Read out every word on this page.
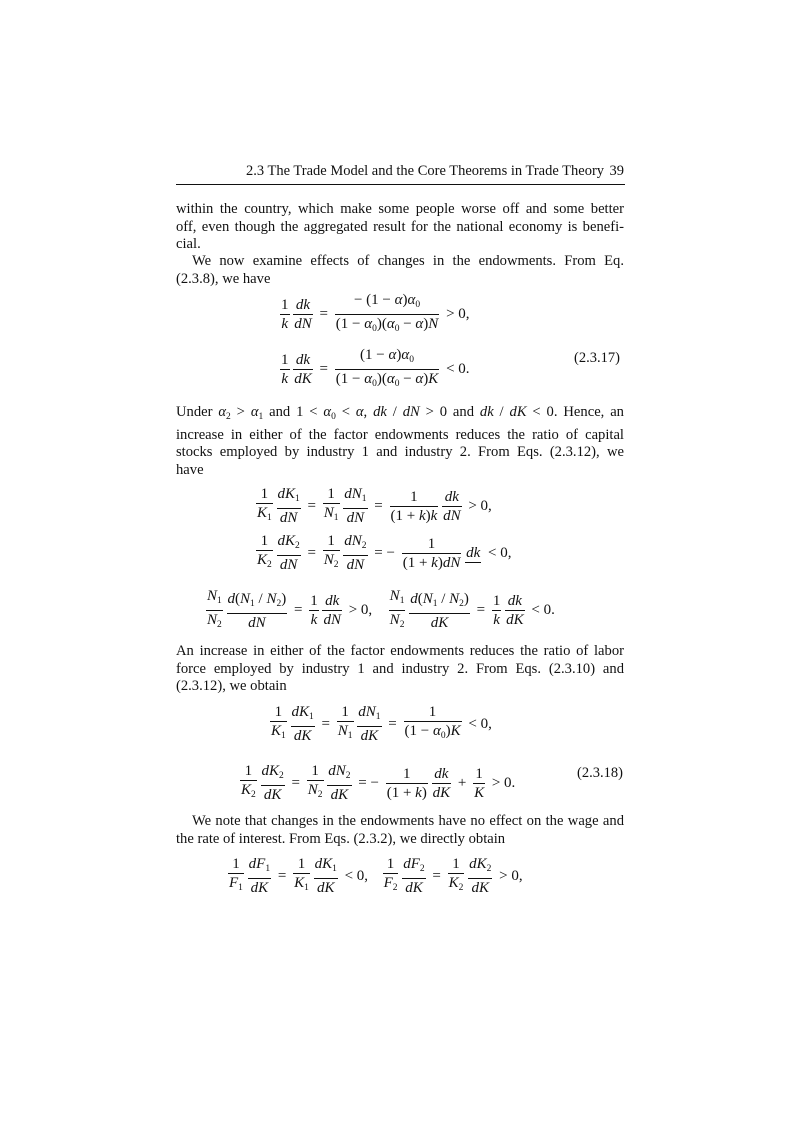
2.3 The Trade Model and the Core Theorems in Trade Theory 39
within the country, which make some people worse off and some better
off, even though the aggregated result for the national economy is benefi-
cial.
We now examine effects of changes in the endowments. From Eq.
(2.3.8), we have
$\frac{1}{k}$
$\frac{dk}{dN} = \frac{- (1 - \alpha)\alpha_0}{(1 - \alpha_0)(\alpha_0 - \alpha)N} > 0$,
$\frac{1}{k}$
$\frac{dk}{dK} = \frac{(1 - \alpha)\alpha_0}{(1 - \alpha_0)(\alpha_0 - \alpha)K} < 0$.
(2.3.17)
Under $\alpha_2 > \alpha_1$ and $1 < \alpha_0 < \alpha$, dk / dN > 0 and dk / dK < 0. Hence, an
increase in either of the factor endowments reduces the ratio of capital
stocks employed by industry 1 and industry 2. From Eqs. (2.3.12), we
have
$\frac{1}{K_1}$
$\frac{dK_1}{dN} = \frac{1}{N_1}$
$\frac{dN_1}{dN} = \frac{1}{(1 + k)k}$
$\frac{dk}{dN} > 0$,
$\frac{1}{K_2}$
$\frac{dK_2}{dN} = \frac{1}{N_2}$
$\frac{dN_2}{dN}$ = − $\frac{1}{(1 + k)dN}$
dk < 0,
$\frac{N_1}{N_2}$
$\frac{d(N_1 / N_2)}{dN} = \frac{1}{k}$
$\frac{dk}{dN} > 0$, $\frac{N_1}{N_2}$
$\frac{d(N_1 / N_2)}{dK} = \frac{1}{k}$
$\frac{dk}{dK} < 0$.
An increase in either of the factor endowments reduces the ratio of labor
force employed by industry 1 and industry 2. From Eqs. (2.3.10) and
(2.3.12), we obtain
$\frac{1}{K_1}$
$\frac{dK_1}{dK} = \frac{1}{N_1}$
$\frac{dN_1}{dK} = \frac{1}{(1 - \alpha_0)K} < 0$,
$\frac{1}{K_2}$
$\frac{dK_2}{dK} = \frac{1}{N_2}$
$\frac{dN_2}{dK}$ = − $\frac{1}{(1 + k)}$
$\frac{dk}{dK} + \frac{1}{K} > 0$.
(2.3.18)
We note that changes in the endowments have no effect on the wage and
the rate of interest. From Eqs. (2.3.2), we directly obtain
$\frac{1}{F_1}$
$\frac{dF_1}{dK} = \frac{1}{K_1}$
$\frac{dK_1}{dK} < 0$, $\frac{1}{F_2}$
$\frac{dF_2}{dK} = \frac{1}{K_2}$
$\frac{dK_2}{dK} > 0$,
